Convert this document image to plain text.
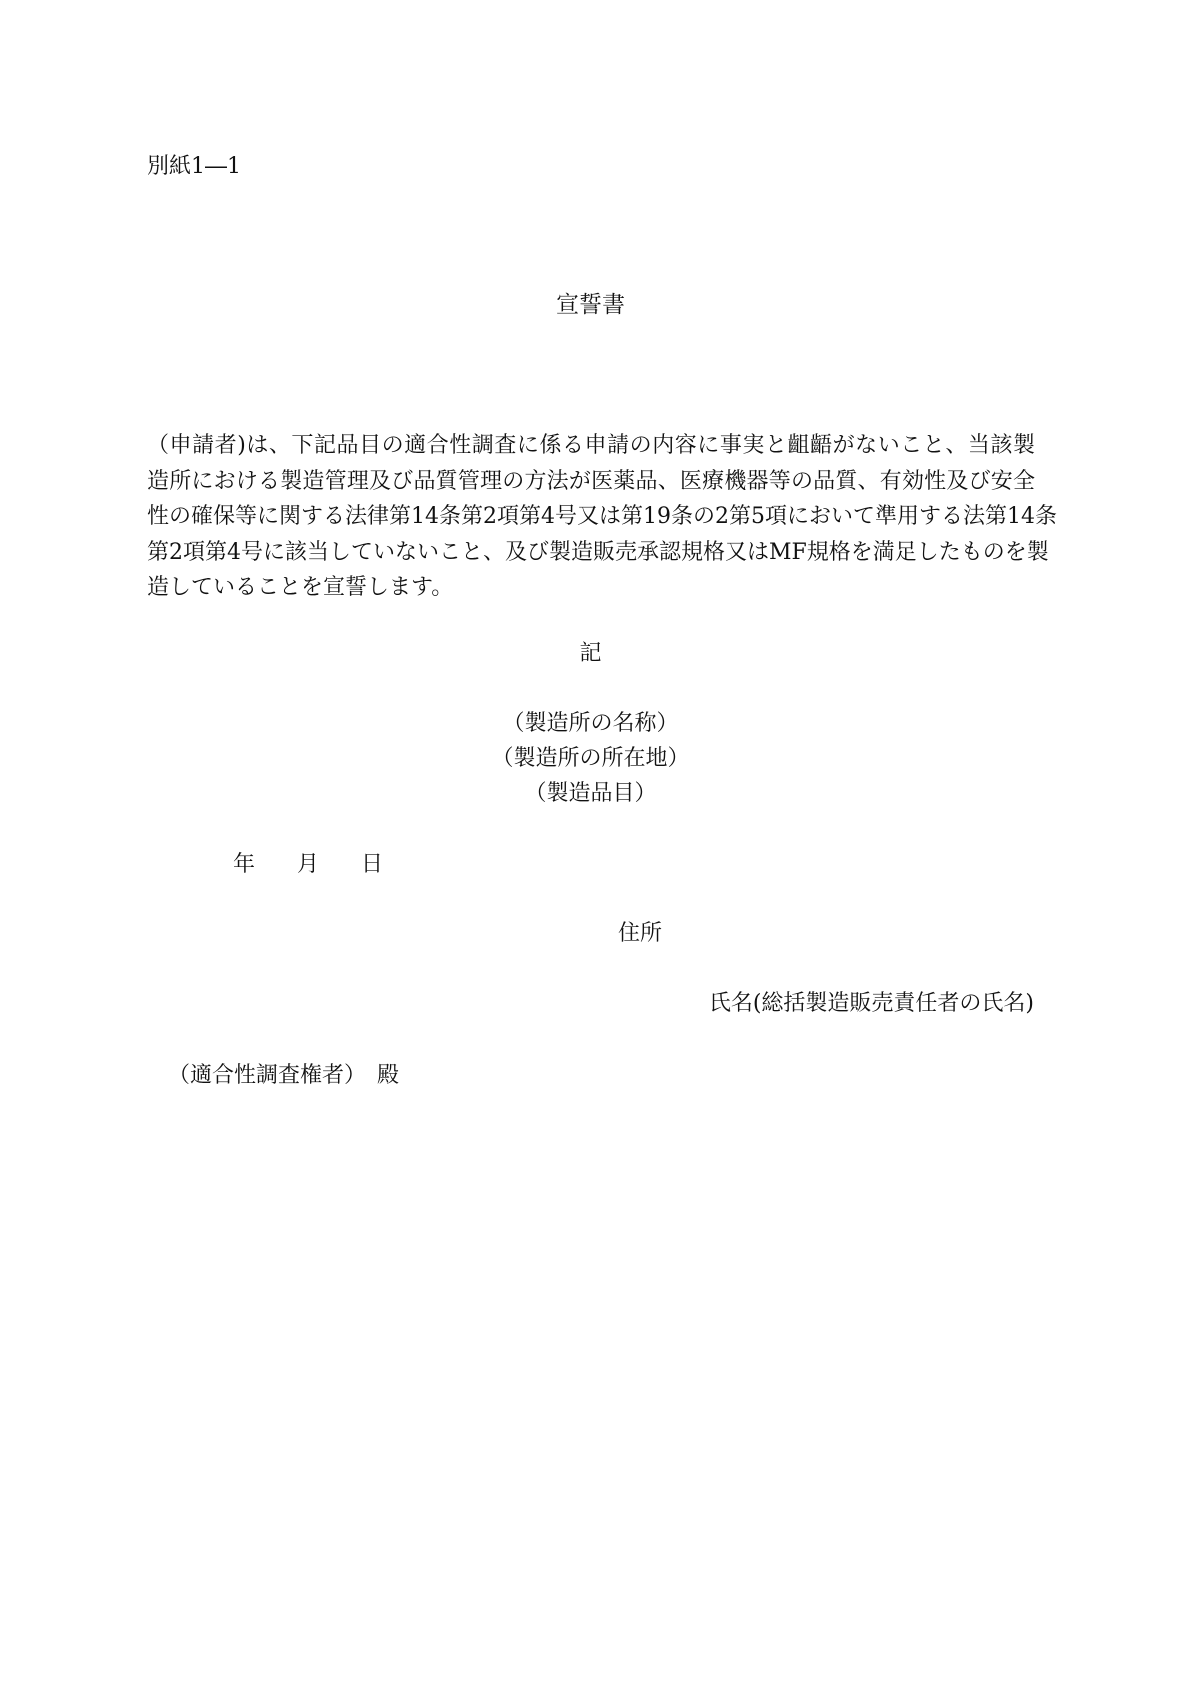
別紙1―1
宣誓書
（申請者)は、下記品目の適合性調査に係る申請の内容に事実と齟齬がないこと、当該製
造所における製造管理及び品質管理の方法が医薬品、医療機器等の品質、有効性及び安全
性の確保等に関する法律第14条第2項第4号又は第19条の2第5項において準用する法第14条
第2項第4号に該当していないこと、及び製造販売承認規格又はMF規格を満足したものを製
造していることを宣誓します。
記
（製造所の名称）
（製造所の所在地）
（製造品目）
年 月 日
住所
氏名(総括製造販売責任者の氏名)
（適合性調査権者）　殿
